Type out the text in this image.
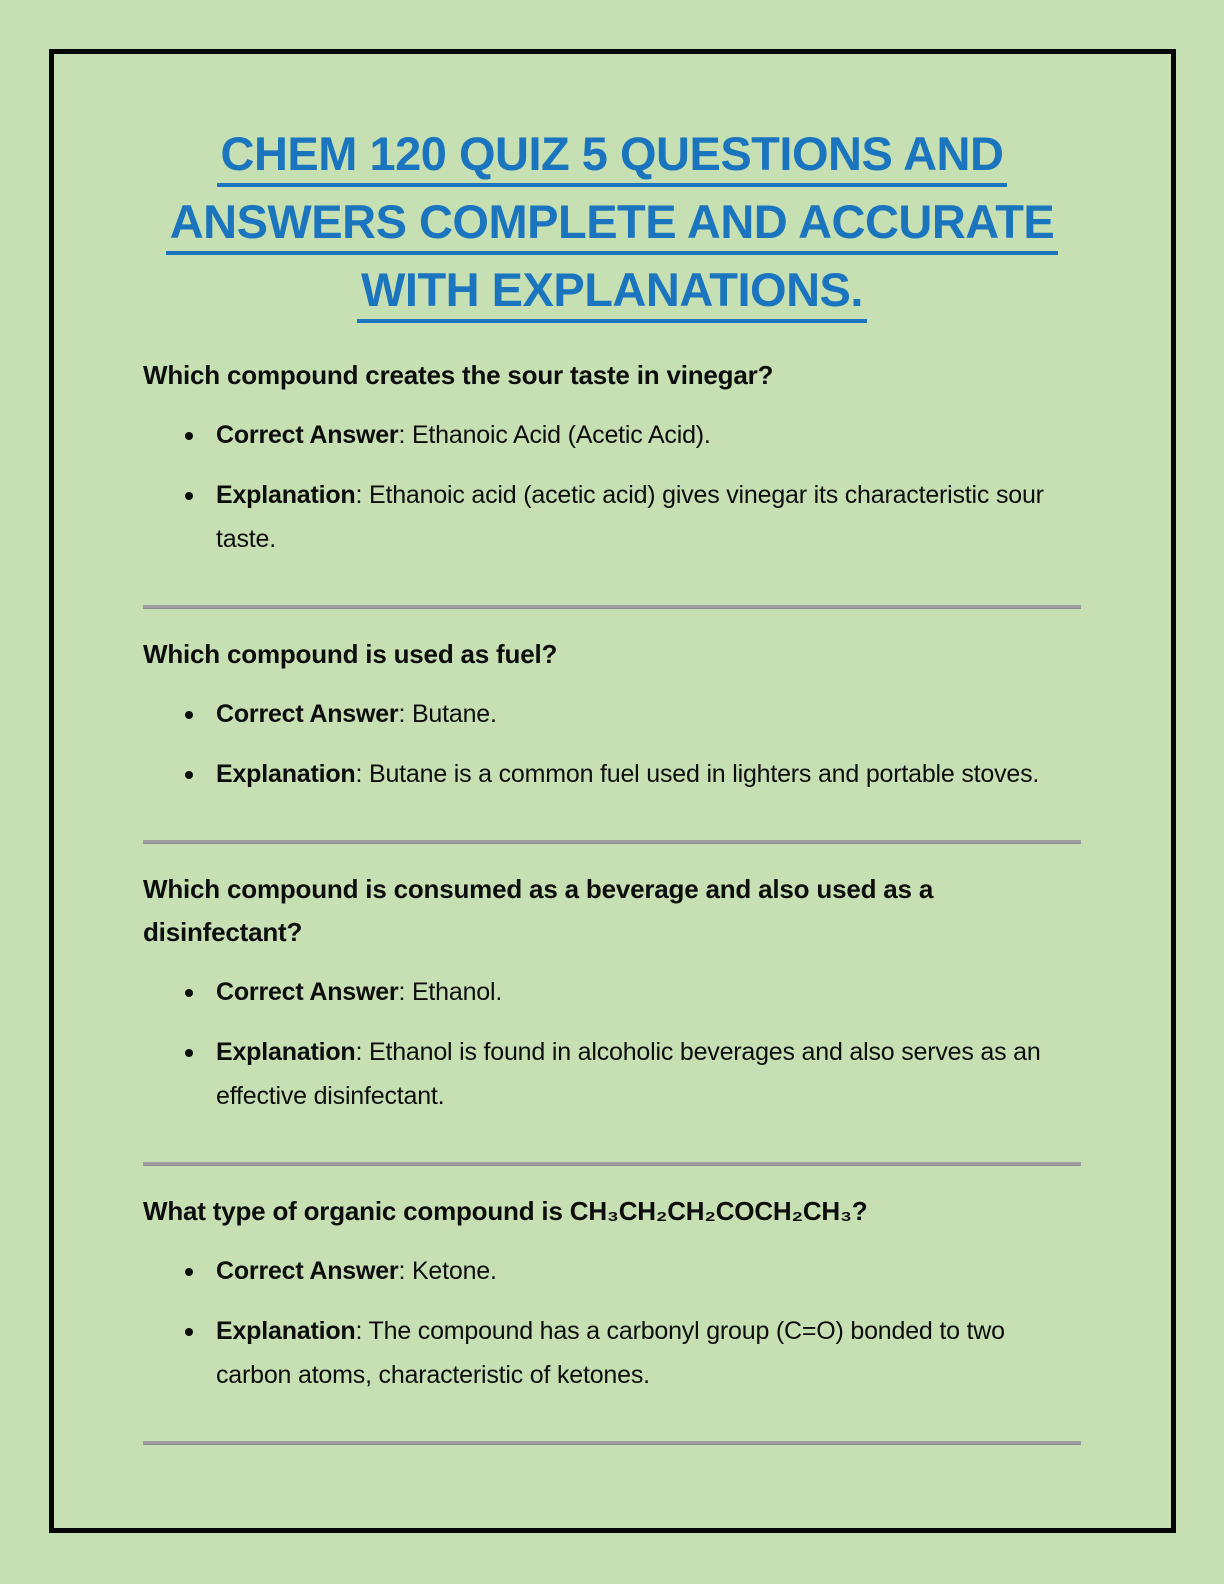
CHEM 120 QUIZ 5 QUESTIONS AND
ANSWERS COMPLETE AND ACCURATE
WITH EXPLANATIONS.
Which compound creates the sour taste in vinegar?
Correct Answer: Ethanoic Acid (Acetic Acid).
Explanation: Ethanoic acid (acetic acid) gives vinegar its characteristic sour taste.
Which compound is used as fuel?
Correct Answer: Butane.
Explanation: Butane is a common fuel used in lighters and portable stoves.
Which compound is consumed as a beverage and also used as a disinfectant?
Correct Answer: Ethanol.
Explanation: Ethanol is found in alcoholic beverages and also serves as an effective disinfectant.
What type of organic compound is CH₃CH₂CH₂COCH₂CH₃?
Correct Answer: Ketone.
Explanation: The compound has a carbonyl group (C=O) bonded to two carbon atoms, characteristic of ketones.
